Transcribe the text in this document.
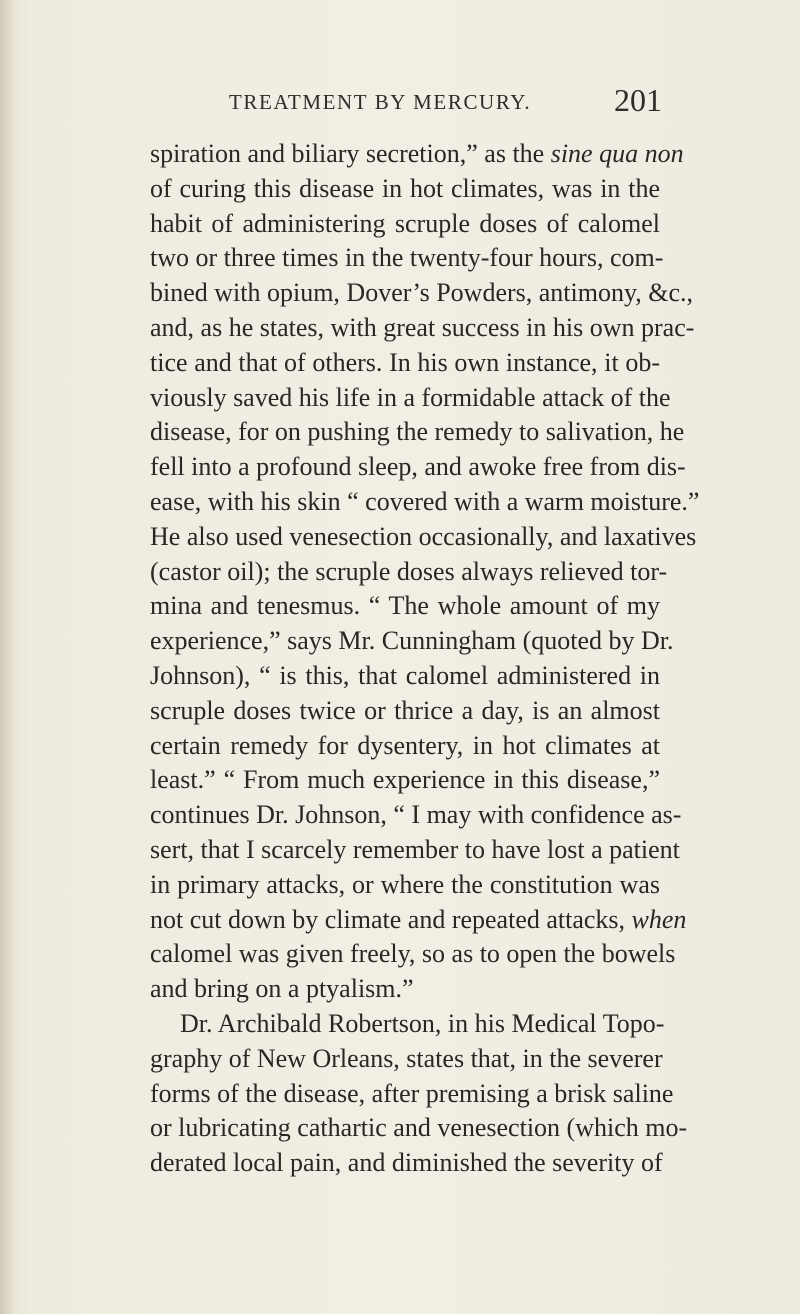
TREATMENT BY MERCURY.	201
spiration and biliary secretion,” as the sine qua non
of curing this disease in hot climates, was in the
habit of administering scruple doses of calomel
two or three times in the twenty-four hours, com-
bined with opium, Dover’s Powders, antimony, &c.,
and, as he states, with great success in his own prac-
tice and that of others. In his own instance, it ob-
viously saved his life in a formidable attack of the
disease, for on pushing the remedy to salivation, he
fell into a profound sleep, and awoke free from dis-
ease, with his skin “ covered with a warm moisture.”
He also used venesection occasionally, and laxatives
(castor oil); the scruple doses always relieved tor-
mina and tenesmus. “ The whole amount of my
experience,” says Mr. Cunningham (quoted by Dr.
Johnson), “ is this, that calomel administered in
scruple doses twice or thrice a day, is an almost
certain remedy for dysentery, in hot climates at
least.” “ From much experience in this disease,”
continues Dr. Johnson, “ I may with confidence as-
sert, that I scarcely remember to have lost a patient
in primary attacks, or where the constitution was
not cut down by climate and repeated attacks, when
calomel was given freely, so as to open the bowels
and bring on a ptyalism.”
Dr. Archibald Robertson, in his Medical Topo-
graphy of New Orleans, states that, in the severer
forms of the disease, after premising a brisk saline
or lubricating cathartic and venesection (which mo-
derated local pain, and diminished the severity of
